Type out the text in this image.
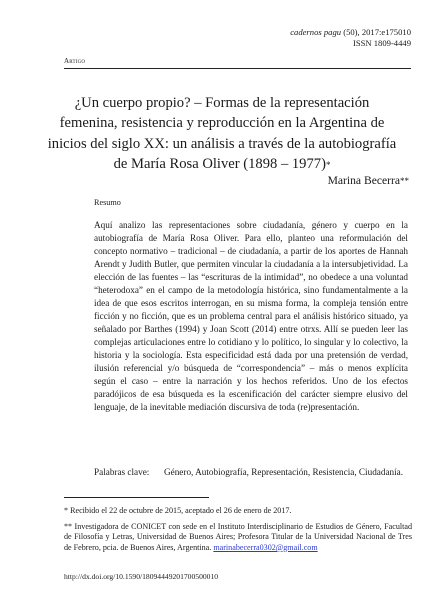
cadernos pagu (50), 2017:e175010
ISSN 1809-4449
Artigo
¿Un cuerpo propio? – Formas de la representación femenina, resistencia y reproducción en la Argentina de inicios del siglo XX: un análisis a través de la autobiografía de María Rosa Oliver (1898 – 1977)*
Marina Becerra**
Resumo
Aquí analizo las representaciones sobre ciudadanía, género y cuerpo en la autobiografía de María Rosa Oliver. Para ello, planteo una reformulación del concepto normativo – tradicional – de ciudadanía, a partir de los aportes de Hannah Arendt y Judith Butler, que permiten vincular la ciudadanía a la intersubjetividad. La elección de las fuentes – las “escrituras de la intimidad”, no obedece a una voluntad “heterodoxa” en el campo de la metodología histórica, sino fundamentalmente a la idea de que esos escritos interrogan, en su misma forma, la compleja tensión entre ficción y no ficción, que es un problema central para el análisis histórico situado, ya señalado por Barthes (1994) y Joan Scott (2014) entre otrxs. Allí se pueden leer las complejas articulaciones entre lo cotidiano y lo político, lo singular y lo colectivo, la historia y la sociología. Esta especificidad está dada por una pretensión de verdad, ilusión referencial y/o búsqueda de “correspondencia” – más o menos explícita según el caso – entre la narración y los hechos referidos. Uno de los efectos paradójicos de esa búsqueda es la escenificación del carácter siempre elusivo del lenguaje, de la inevitable mediación discursiva de toda (re)presentación.
Palabras clave: Género, Autobiografía, Representación, Resistencia, Ciudadanía.
* Recibido el 22 de octubre de 2015, aceptado el 26 de enero de 2017.
** Investigadora de CONICET con sede en el Instituto Interdisciplinario de Estudios de Género, Facultad de Filosofía y Letras, Universidad de Buenos Aires; Profesora Titular de la Universidad Nacional de Tres de Febrero, pcia. de Buenos Aires, Argentina. marinabecerra0302@gmail.com
http://dx.doi.org/10.1590/18094449201700500010
